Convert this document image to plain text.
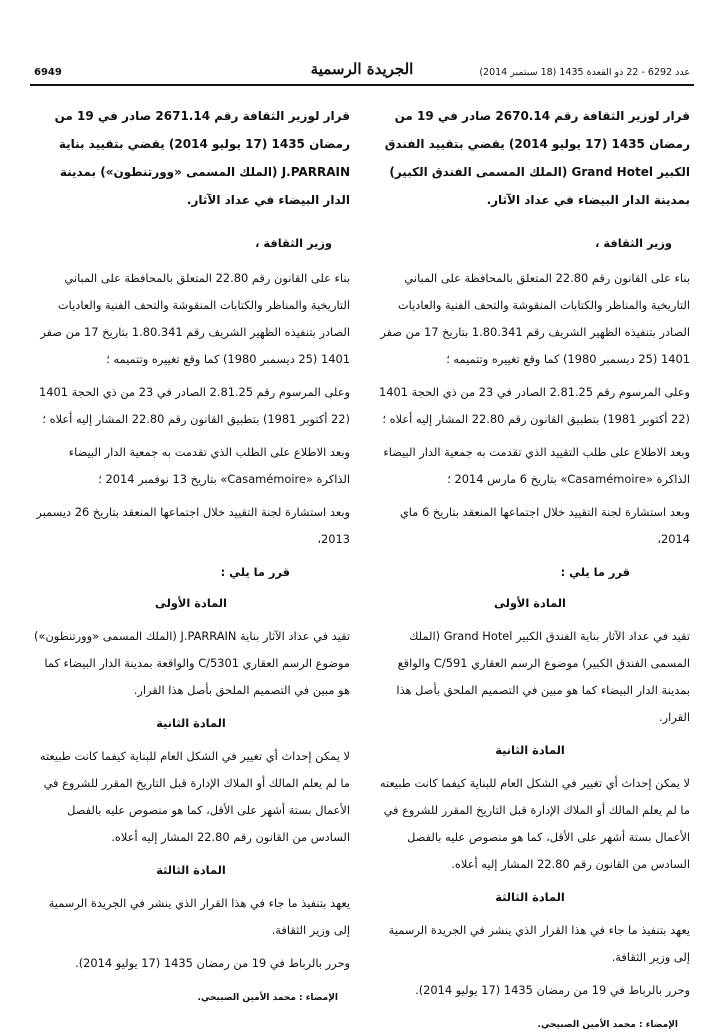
6949	الجريدة الرسمية	عدد 6292 - 22 ذو القعدة 1435 (18 سبتمبر 2014)

قرار لوزير الثقافة رقم 2670.14 صادر في 19 من رمضان 1435 (17 يوليو 2014) يقضي بتقييد الفندق الكبير Grand Hotel (الملك المسمى الفندق الكبير) بمدينة الدار البيضاء في عداد الآثار.

وزير الثقافة ،

بناء على القانون رقم 22.80 المتعلق بالمحافظة على المباني التاريخية والمناظر والكتابات المنقوشة والتحف الفنية والعاديات الصادر بتنفيذه الظهير الشريف رقم 1.80.341 بتاريخ 17 من صفر 1401 (25 ديسمبر 1980) كما وقع تغييره وتتميمه ؛

وعلى المرسوم رقم 2.81.25 الصادر في 23 من ذي الحجة 1401 (22 أكتوبر 1981) بتطبيق القانون رقم 22.80 المشار إليه أعلاه ؛

وبعد الاطلاع على طلب التقييد الذي تقدمت به جمعية الدار البيضاء الذاكرة «Casamémoire» بتاريخ 6 مارس 2014 ؛

وبعد استشارة لجنة التقييد خلال اجتماعها المنعقد بتاريخ 6 ماي 2014،

قرر ما يلي :

المادة الأولى

تقيد في عداد الآثار بناية الفندق الكبير Grand Hotel (الملك المسمى الفندق الكبير) موضوع الرسم العقاري C/591 والواقع بمدينة الدار البيضاء كما هو مبين في التصميم الملحق بأصل هذا القرار.

المادة الثانية

لا يمكن إحداث أي تغيير في الشكل العام للبناية كيفما كانت طبيعته ما لم يعلم المالك أو الملاك الإدارة قبل التاريخ المقرر للشروع في الأعمال بستة أشهر على الأقل، كما هو منصوص عليه بالفصل السادس من القانون رقم 22.80 المشار إليه أعلاه.

المادة الثالثة

يعهد بتنفيذ ما جاء في هذا القرار الذي ينشر في الجريدة الرسمية إلى وزير الثقافة.

وحرر بالرباط في 19 من رمضان 1435 (17 يوليو 2014).

الإمضاء : محمد الأمين الصبيحي.

قرار لوزير الثقافة رقم 2671.14 صادر في 19 من رمضان 1435 (17 يوليو 2014) يقضي بتقييد بناية J.PARRAIN (الملك المسمى «وورتنطون») بمدينة الدار البيضاء في عداد الآثار.

وزير الثقافة ،

بناء على القانون رقم 22.80 المتعلق بالمحافظة على المباني التاريخية والمناظر والكتابات المنقوشة والتحف الفنية والعاديات الصادر بتنفيذه الظهير الشريف رقم 1.80.341 بتاريخ 17 من صفر 1401 (25 ديسمبر 1980) كما وقع تغييره وتتميمه ؛

وعلى المرسوم رقم 2.81.25 الصادر في 23 من ذي الحجة 1401 (22 أكتوبر 1981) بتطبيق القانون رقم 22.80 المشار إليه أعلاه ؛

وبعد الاطلاع على الطلب الذي تقدمت به جمعية الدار البيضاء الذاكرة «Casamémoire» بتاريخ 13 نوفمبر 2014 ؛

وبعد استشارة لجنة التقييد خلال اجتماعها المنعقد بتاريخ 26 ديسمبر 2013،

قرر ما يلي :

المادة الأولى

تقيد في عداد الآثار بناية J.PARRAIN (الملك المسمى «وورتنطون») موضوع الرسم العقاري C/5301 والواقعة بمدينة الدار البيضاء كما هو مبين في التصميم الملحق بأصل هذا القرار.

المادة الثانية

لا يمكن إحداث أي تغيير في الشكل العام للبناية كيفما كانت طبيعته ما لم يعلم المالك أو الملاك الإدارة قبل التاريخ المقرر للشروع في الأعمال بستة أشهر على الأقل، كما هو منصوص عليه بالفصل السادس من القانون رقم 22.80 المشار إليه أعلاه.

المادة الثالثة

يعهد بتنفيذ ما جاء في هذا القرار الذي ينشر في الجريدة الرسمية إلى وزير الثقافة.

وحرر بالرباط في 19 من رمضان 1435 (17 يوليو 2014).

الإمضاء : محمد الأمين الصبيحي.
